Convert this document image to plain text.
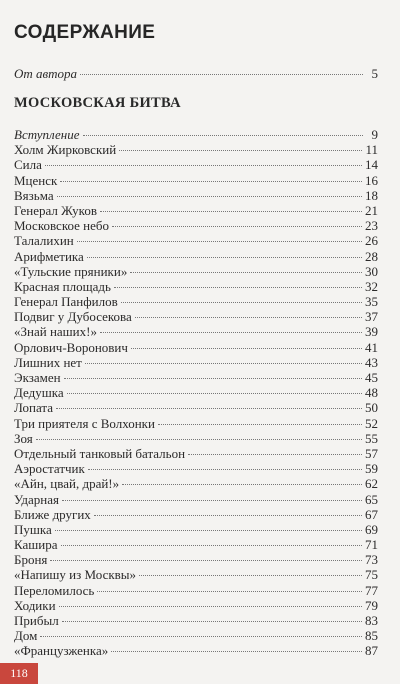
СОДЕРЖАНИЕ
От автора	5
МОСКОВСКАЯ БИТВА
Вступление	9
Холм Жирковский	11
Сила	14
Мценск	16
Вязьма	18
Генерал Жуков	21
Московское небо	23
Талалихин	26
Арифметика	28
«Тульские пряники»	30
Красная площадь	32
Генерал Панфилов	35
Подвиг у Дубосекова	37
«Знай наших!»	39
Орлович-Воронович	41
Лишних нет	43
Экзамен	45
Дедушка	48
Лопата	50
Три приятеля с Волхонки	52
Зоя	55
Отдельный танковый батальон	57
Аэростатчик	59
«Айн, цвай, драй!»	62
Ударная	65
Ближе других	67
Пушка	69
Кашира	71
Броня	73
«Напишу из Москвы»	75
Переломилось	77
Ходики	79
Прибыл	83
Дом	85
«Французженка»	87
118
